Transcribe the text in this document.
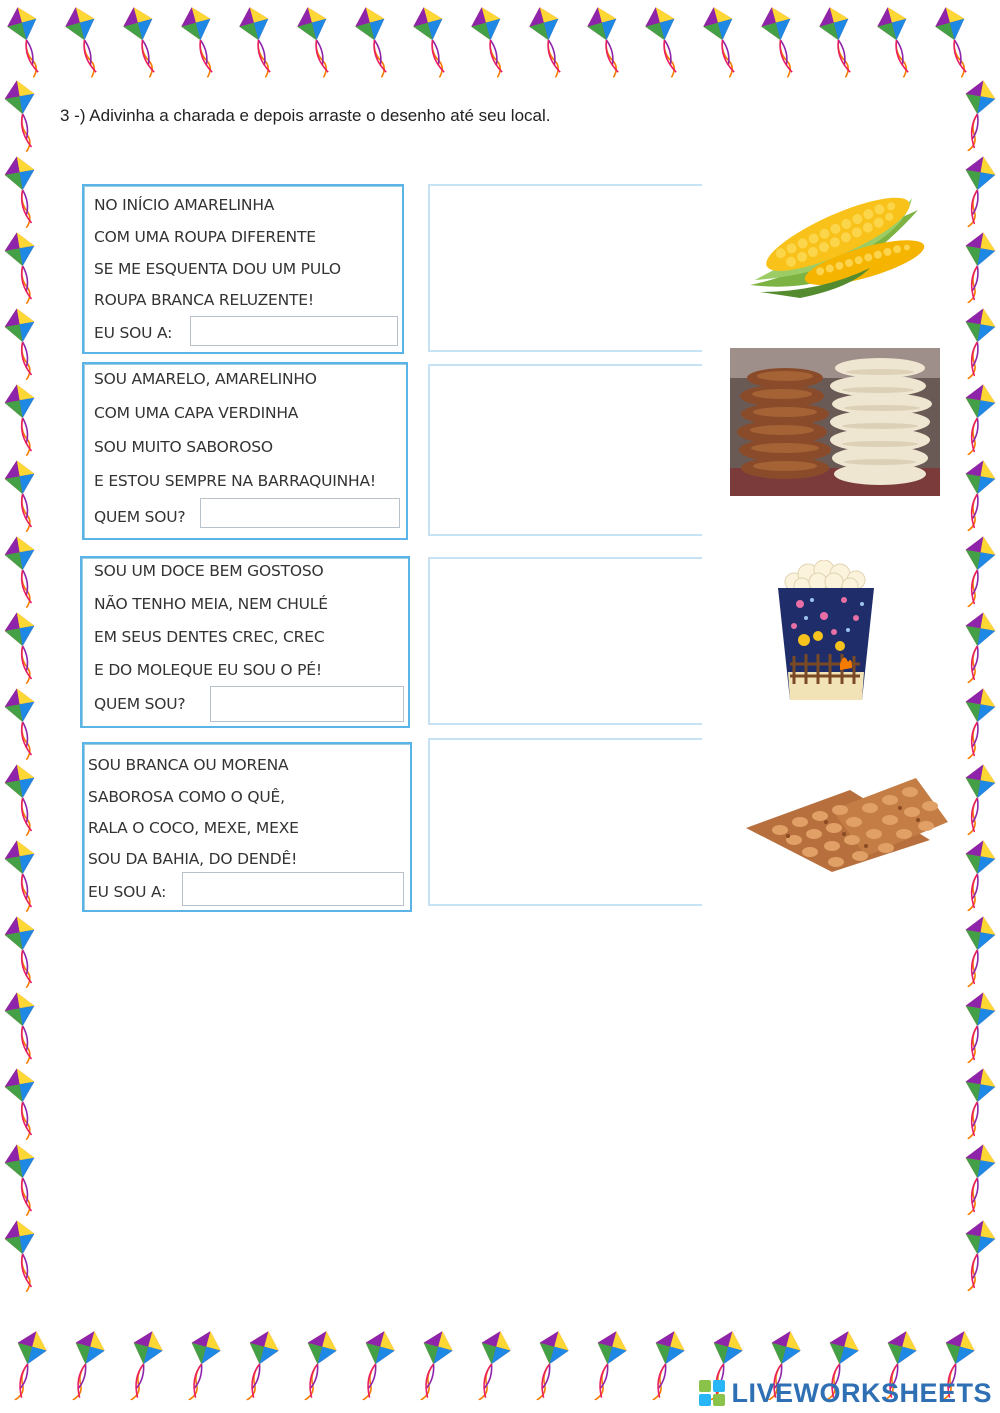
3 -) Adivinha a charada e depois arraste o desenho até seu local.
NO INÍCIO AMARELINHA
COM UMA ROUPA DIFERENTE
SE ME ESQUENTA DOU UM PULO
ROUPA BRANCA RELUZENTE!
EU SOU A:
SOU AMARELO, AMARELINHO
COM UMA CAPA VERDINHA
SOU MUITO SABOROSO
E ESTOU SEMPRE NA BARRAQUINHA!
QUEM SOU?
SOU UM DOCE BEM GOSTOSO
NÃO TENHO MEIA, NEM CHULÉ
EM SEUS DENTES CREC, CREC
E DO MOLEQUE EU SOU O PÉ!
QUEM SOU?
SOU BRANCA OU MORENA
SABOROSA COMO O QUÊ,
RALA O COCO, MEXE, MEXE
SOU DA BAHIA, DO DENDÊ!
EU SOU A:
LIVEWORKSHEETS
